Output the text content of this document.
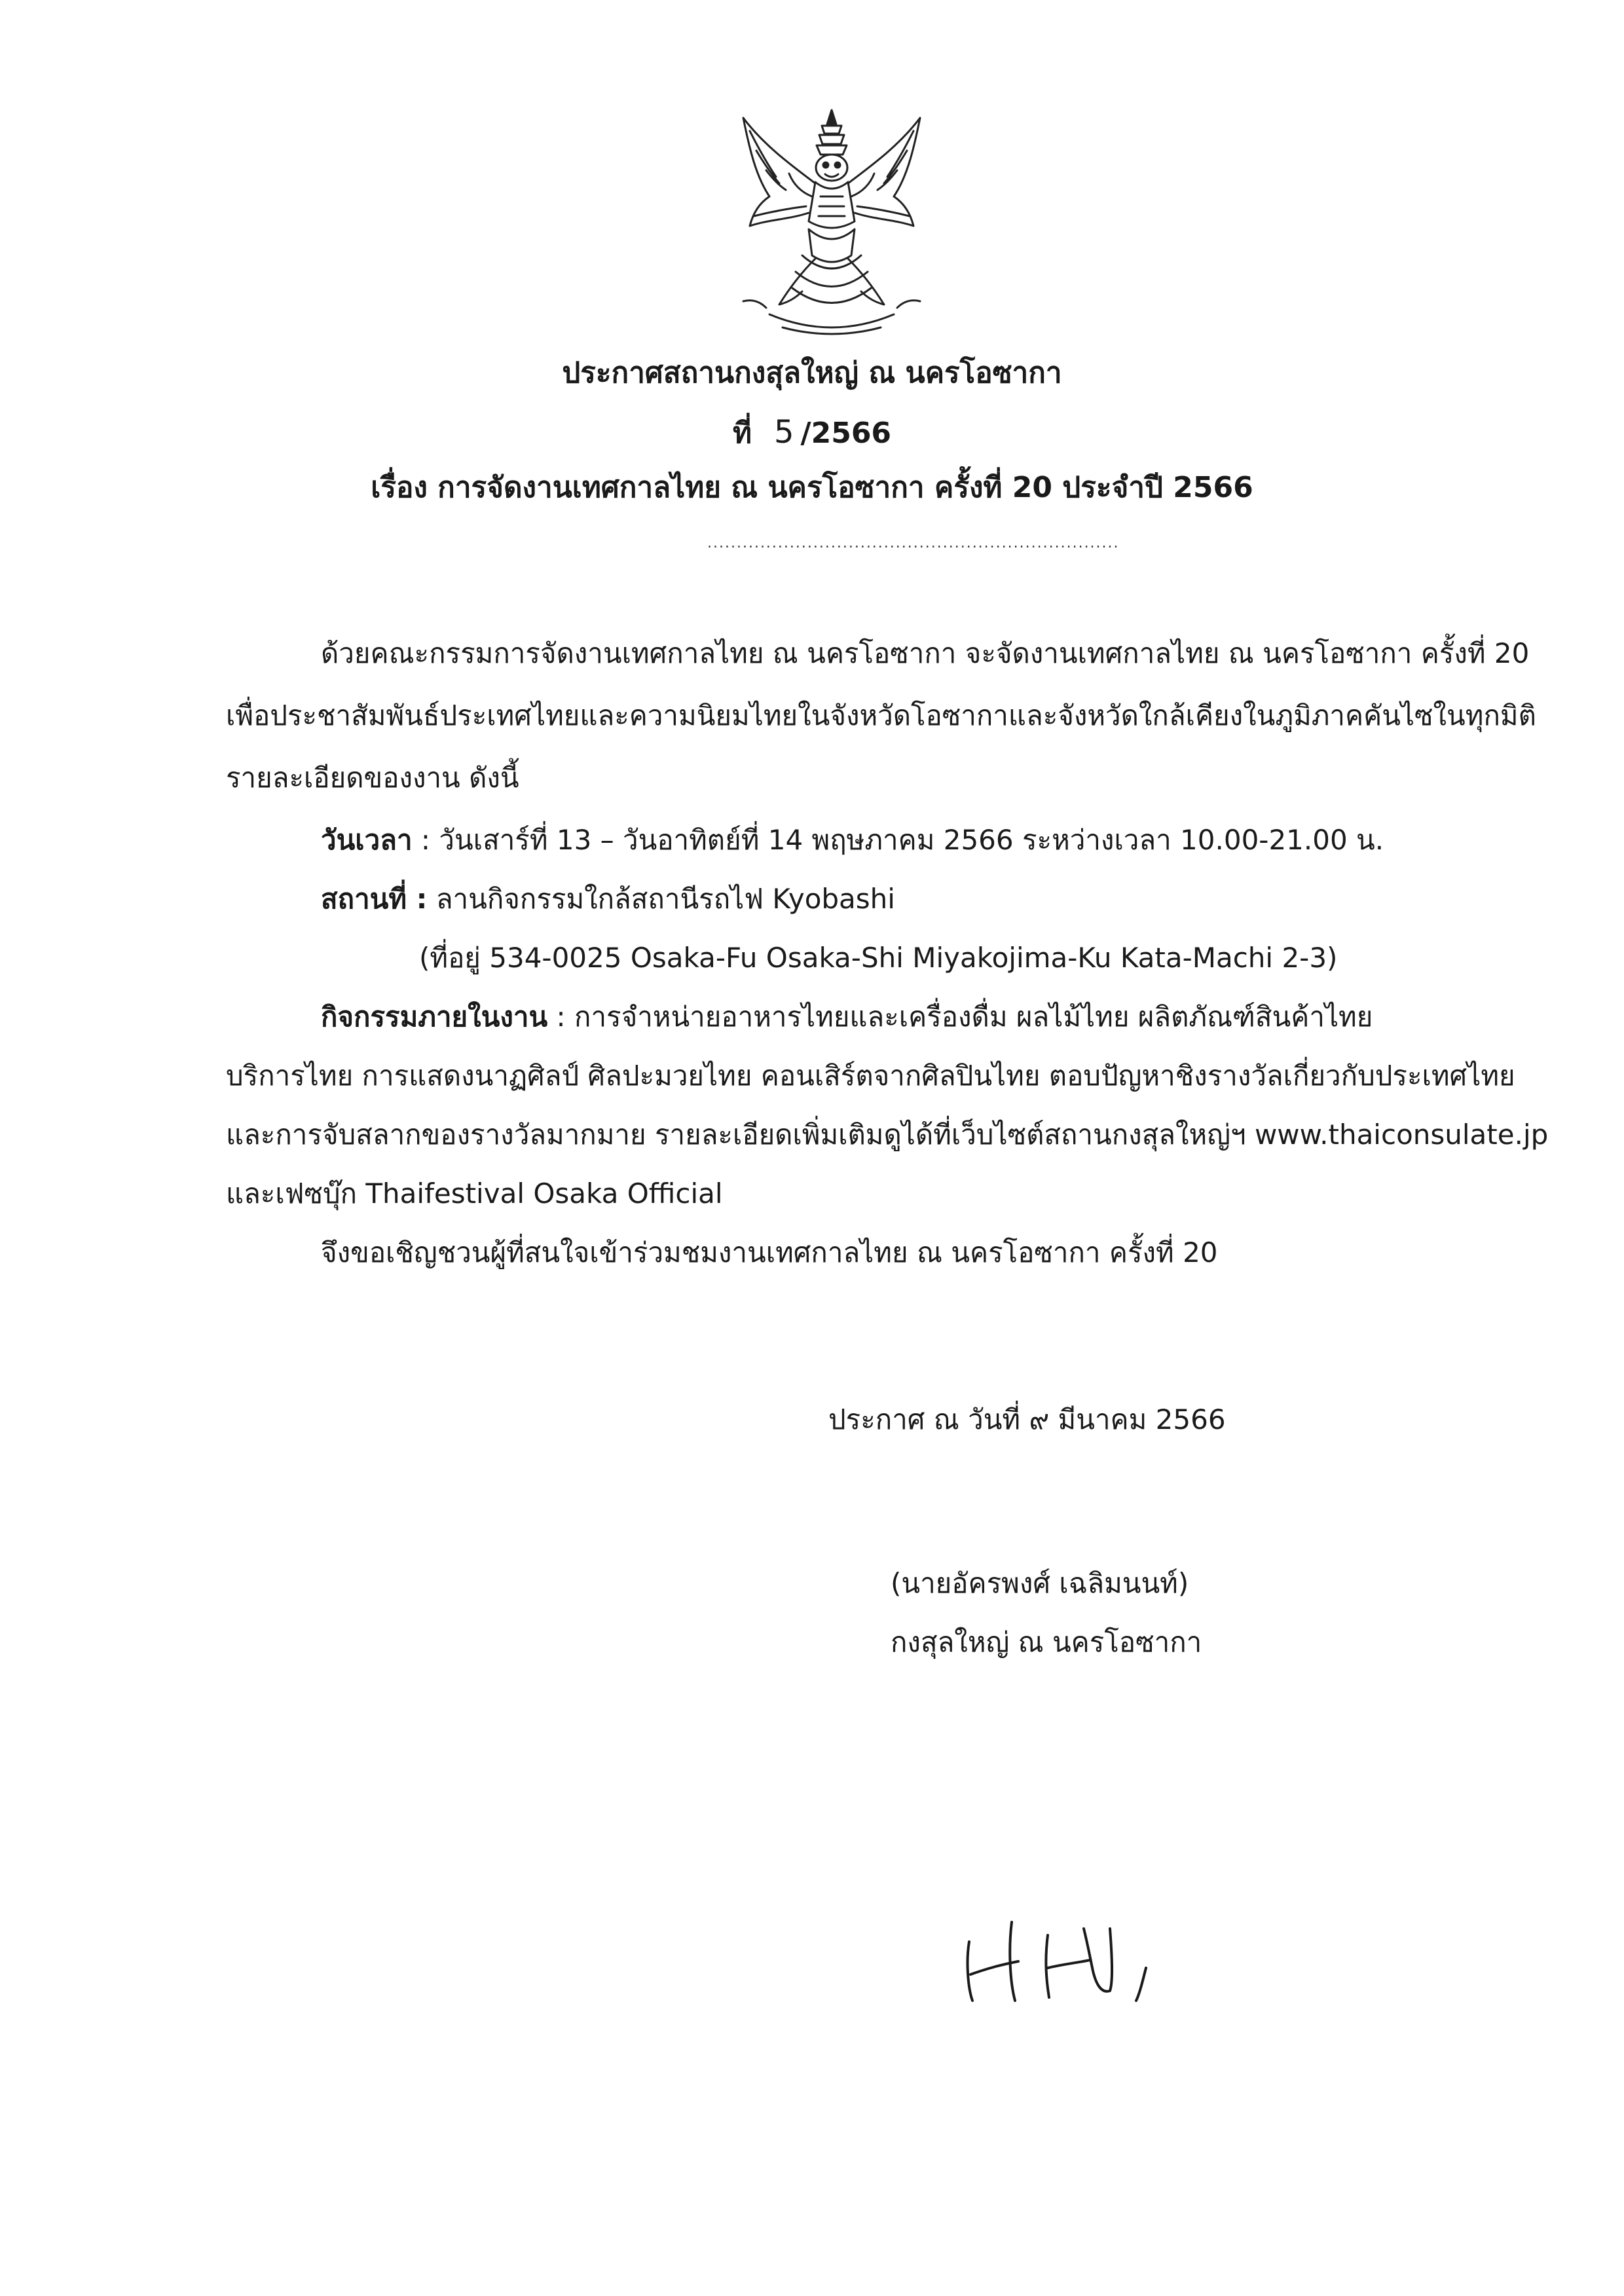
ประกาศสถานกงสุลใหญ่ ณ นครโอซากา
ที่ 5 /2566
เรื่อง การจัดงานเทศกาลไทย ณ นครโอซากา ครั้งที่ 20 ประจำปี 2566
......................................................................
ด้วยคณะกรรมการจัดงานเทศกาลไทย ณ นครโอซากา จะจัดงานเทศกาลไทย ณ นครโอซากา ครั้งที่ 20
เพื่อประชาสัมพันธ์ประเทศไทยและความนิยมไทยในจังหวัดโอซากาและจังหวัดใกล้เคียงในภูมิภาคคันไซในทุกมิติ
รายละเอียดของงาน ดังนี้
วันเวลา : วันเสาร์ที่ 13 – วันอาทิตย์ที่ 14 พฤษภาคม 2566 ระหว่างเวลา 10.00-21.00 น.
สถานที่ : ลานกิจกรรมใกล้สถานีรถไฟ Kyobashi
(ที่อยู่ 534-0025 Osaka-Fu Osaka-Shi Miyakojima-Ku Kata-Machi 2-3)
กิจกรรมภายในงาน : การจำหน่ายอาหารไทยและเครื่องดื่ม ผลไม้ไทย ผลิตภัณฑ์สินค้าไทย
บริการไทย การแสดงนาฏศิลป์ ศิลปะมวยไทย คอนเสิร์ตจากศิลปินไทย ตอบปัญหาชิงรางวัลเกี่ยวกับประเทศไทย
และการจับสลากของรางวัลมากมาย รายละเอียดเพิ่มเติมดูได้ที่เว็บไซต์สถานกงสุลใหญ่ฯ www.thaiconsulate.jp
และเฟซบุ๊ก Thaifestival Osaka Official
จึงขอเชิญชวนผู้ที่สนใจเข้าร่วมชมงานเทศกาลไทย ณ นครโอซากา ครั้งที่ 20
ประกาศ ณ วันที่ ๙ มีนาคม 2566
(นายอัครพงศ์ เฉลิมนนท์)
กงสุลใหญ่ ณ นครโอซากา
